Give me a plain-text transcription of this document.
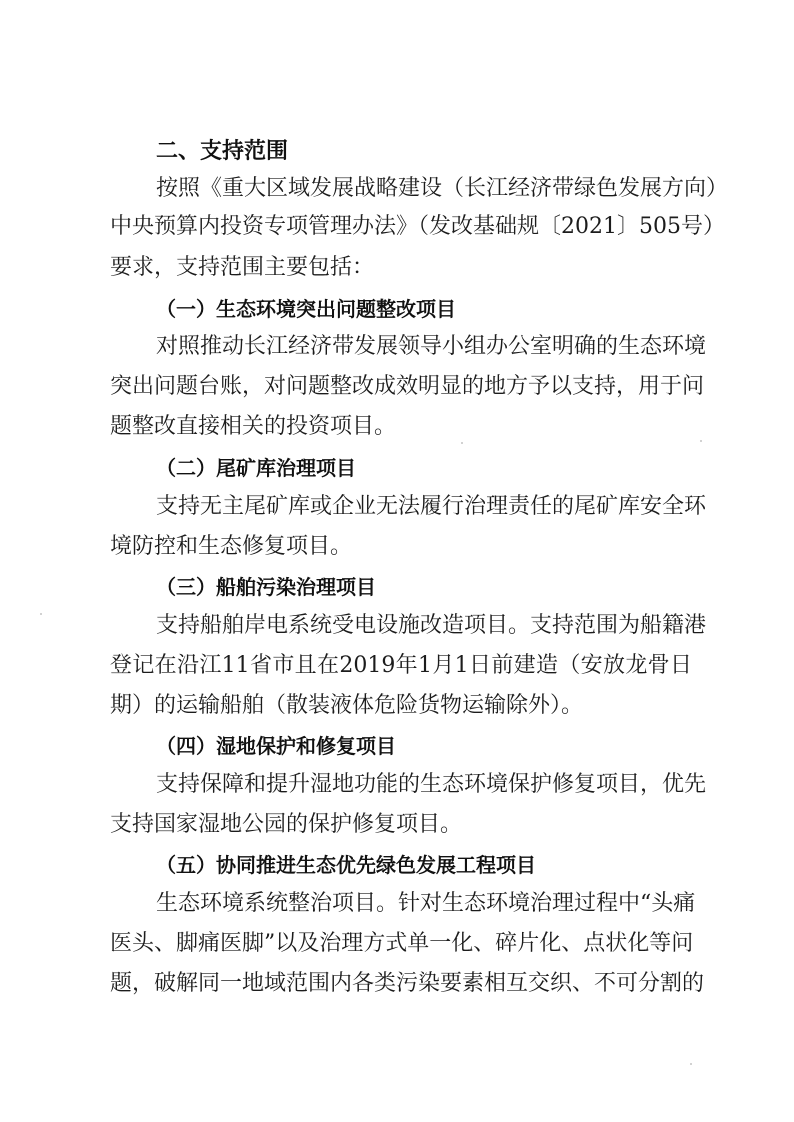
二、支持范围
按照《重大区域发展战略建设（长江经济带绿色发展方向）
中央预算内投资专项管理办法》（发改基础规〔2021〕505号）
要求，支持范围主要包括：
（一）生态环境突出问题整改项目
对照推动长江经济带发展领导小组办公室明确的生态环境
突出问题台账，对问题整改成效明显的地方予以支持，用于问
题整改直接相关的投资项目。
（二）尾矿库治理项目
支持无主尾矿库或企业无法履行治理责任的尾矿库安全环
境防控和生态修复项目。
（三）船舶污染治理项目
支持船舶岸电系统受电设施改造项目。支持范围为船籍港
登记在沿江11省市且在2019年1月1日前建造（安放龙骨日
期）的运输船舶（散装液体危险货物运输除外）。
（四）湿地保护和修复项目
支持保障和提升湿地功能的生态环境保护修复项目，优先
支持国家湿地公园的保护修复项目。
（五）协同推进生态优先绿色发展工程项目
生态环境系统整治项目。针对生态环境治理过程中“头痛
医头、脚痛医脚”以及治理方式单一化、碎片化、点状化等问
题，破解同一地域范围内各类污染要素相互交织、不可分割的
